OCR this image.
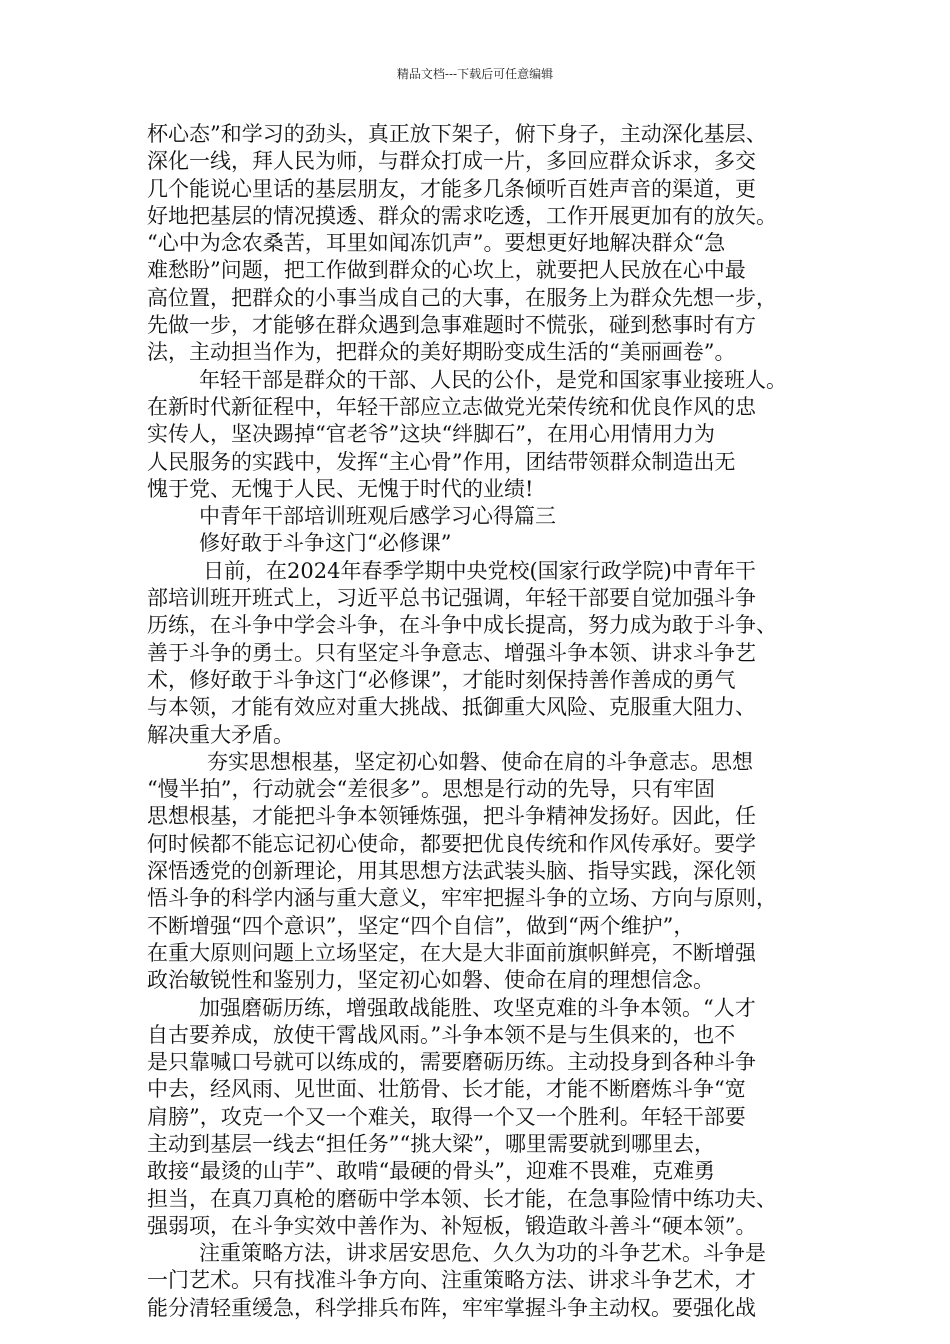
精品文档---下载后可任意编辑
杯心态”和学习的劲头，真正放下架子，俯下身子，主动深化基层、
深化一线，拜人民为师，与群众打成一片，多回应群众诉求，多交
几个能说心里话的基层朋友，才能多几条倾听百姓声音的渠道，更
好地把基层的情况摸透、群众的需求吃透，工作开展更加有的放矢。
“心中为念农桑苦，耳里如闻冻饥声”。要想更好地解决群众“急
难愁盼”问题，把工作做到群众的心坎上，就要把人民放在心中最
高位置，把群众的小事当成自己的大事，在服务上为群众先想一步，
先做一步，才能够在群众遇到急事难题时不慌张，碰到愁事时有方
法，主动担当作为，把群众的美好期盼变成生活的“美丽画卷”。
年轻干部是群众的干部、人民的公仆，是党和国家事业接班人。
在新时代新征程中，年轻干部应立志做党光荣传统和优良作风的忠
实传人，坚决踢掉“官老爷”这块“绊脚石”，在用心用情用力为
人民服务的实践中，发挥“主心骨”作用，团结带领群众制造出无
愧于党、无愧于人民、无愧于时代的业绩!
中青年干部培训班观后感学习心得篇三
修好敢于斗争这门“必修课”
日前，在2024年春季学期中央党校(国家行政学院)中青年干
部培训班开班式上，习近平总书记强调，年轻干部要自觉加强斗争
历练，在斗争中学会斗争，在斗争中成长提高，努力成为敢于斗争、
善于斗争的勇士。只有坚定斗争意志、增强斗争本领、讲求斗争艺
术，修好敢于斗争这门“必修课”，才能时刻保持善作善成的勇气
与本领，才能有效应对重大挑战、抵御重大风险、克服重大阻力、
解决重大矛盾。
夯实思想根基，坚定初心如磐、使命在肩的斗争意志。思想
“慢半拍”，行动就会“差很多”。思想是行动的先导，只有牢固
思想根基，才能把斗争本领锤炼强，把斗争精神发扬好。因此，任
何时候都不能忘记初心使命，都要把优良传统和作风传承好。要学
深悟透党的创新理论，用其思想方法武装头脑、指导实践，深化领
悟斗争的科学内涵与重大意义，牢牢把握斗争的立场、方向与原则，
不断增强“四个意识”，坚定“四个自信”，做到“两个维护”，
在重大原则问题上立场坚定，在大是大非面前旗帜鲜亮，不断增强
政治敏锐性和鉴别力，坚定初心如磐、使命在肩的理想信念。
加强磨砺历练，增强敢战能胜、攻坚克难的斗争本领。“人才
自古要养成，放使干霄战风雨。”斗争本领不是与生俱来的，也不
是只靠喊口号就可以练成的，需要磨砺历练。主动投身到各种斗争
中去，经风雨、见世面、壮筋骨、长才能，才能不断磨炼斗争“宽
肩膀”，攻克一个又一个难关，取得一个又一个胜利。年轻干部要
主动到基层一线去“担任务”“挑大梁”，哪里需要就到哪里去，
敢接“最烫的山芋”、敢啃“最硬的骨头”，迎难不畏难，克难勇
担当，在真刀真枪的磨砺中学本领、长才能，在急事险情中练功夫、
强弱项，在斗争实效中善作为、补短板，锻造敢斗善斗“硬本领”。
注重策略方法，讲求居安思危、久久为功的斗争艺术。斗争是
一门艺术。只有找准斗争方向、注重策略方法、讲求斗争艺术，才
能分清轻重缓急，科学排兵布阵，牢牢掌握斗争主动权。要强化战
